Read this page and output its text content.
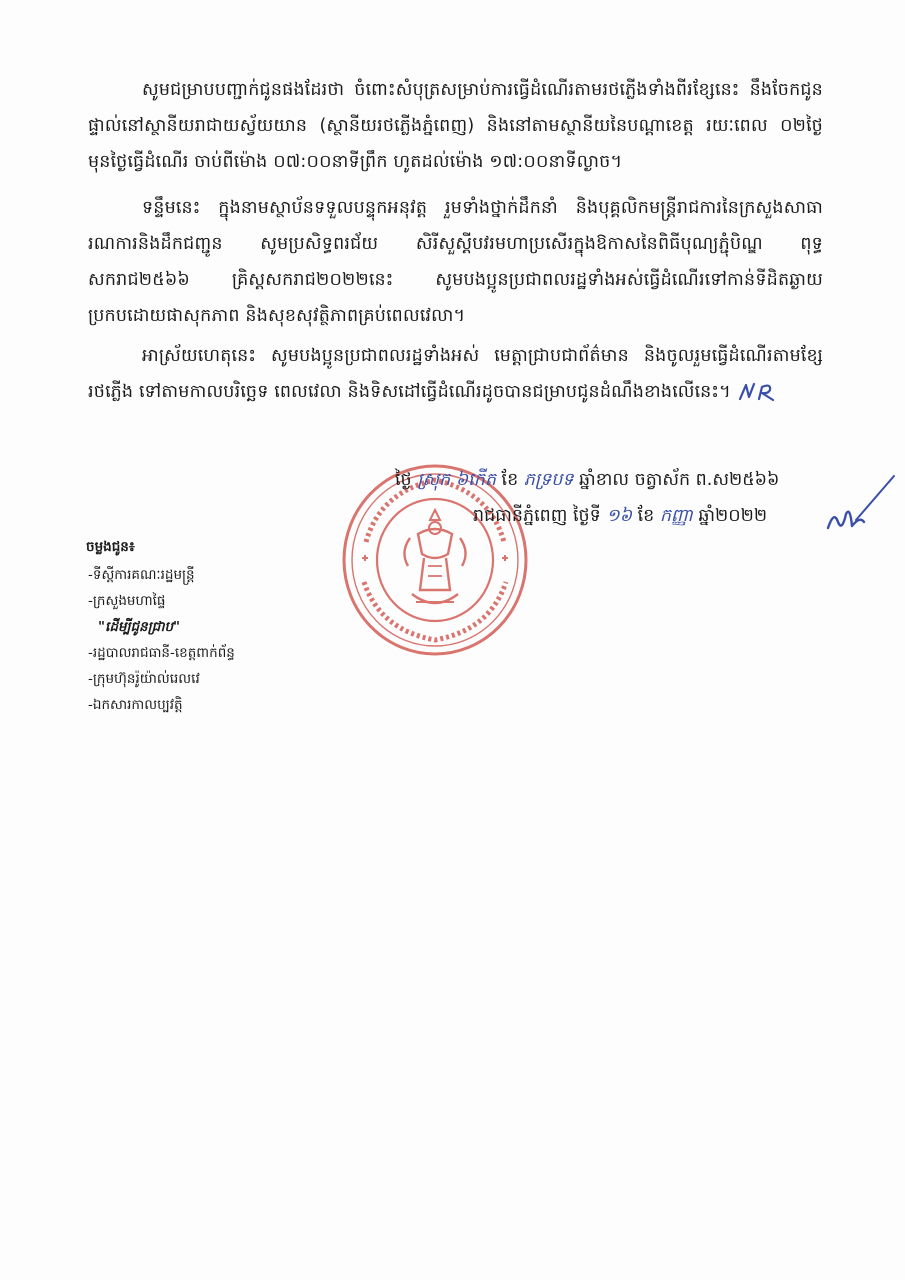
សូមជម្រាបបញ្ជាក់ជូនផងដែរថា ចំពោះសំបុត្រសម្រាប់ការធ្វើដំណើរតាមរថភ្លើងទាំងពីរខ្សែនេះ នឹងចែកជូនផ្ទាល់នៅស្ថានីយរាជាយស្វ័យយាន (ស្ថានីយរថភ្លើងភ្នំពេញ) និងនៅតាមស្ថានីយនៃបណ្តាខេត្ត រយៈពេល ០២ថ្ងៃ មុនថ្ងៃធ្វើដំណើរ ចាប់ពីម៉ោង ០៧:០០នាទីព្រឹក ហូតដល់ម៉ោង ១៧:០០នាទីល្ងាច។
ទន្ទឹមនេះ ក្នុងនាមស្ថាប័នទទួលបន្ទុកអនុវត្ត រួមទាំងថ្នាក់ដឹកនាំ និងបុគ្គលិកមន្ត្រីរាជការនៃក្រសួងសាធារណការនិងដឹកជញ្ជូន សូមប្រសិទ្ធពរជ័យ សិរីសួស្តីបវរមហាប្រសើរក្នុងឱកាសនៃពិធីបុណ្យភ្ជុំបិណ្ឌ ពុទ្ធសករាជ២៥៦៦ គ្រិស្តសករាជ២០២២នេះ សូមបងប្អូនប្រជាពលរដ្ឋទាំងអស់ធ្វើដំណើរទៅកាន់ទីដិតឆ្ងាយប្រកបដោយផាសុកភាព និងសុខសុវត្ថិភាពគ្រប់ពេលវេលា។
អាស្រ័យហេតុនេះ សូមបងប្អូនប្រជាពលរដ្ឋទាំងអស់ មេត្តាជ្រាបជាព័ត៌មាន និងចូលរួមធ្វើដំណើរតាមខ្សែរថភ្លើង ទៅតាមកាលបរិច្ឆេទ ពេលវេលា និងទិសដៅធ្វើដំណើរដូចបានជម្រាបជូនដំណឹងខាងលើនេះ។
ថ្ងៃ ស្រុក ៦កើត ខែ ភទ្របទ ឆ្នាំខាល ចត្វាស័ក ព.ស២៥៦៦
រាជធានីភ្នំពេញ ថ្ងៃទី ១៦ ខែ កញ្ញា ឆ្នាំ២០២២
ចម្លងជូន៖
-ទីស្តីការគណៈរដ្ឋមន្ត្រី
-ក្រសួងមហាផ្ទៃ
"ដើម្បីជូនជ្រាប"
-រដ្ឋបាលរាជធានី-ខេត្តពាក់ព័ន្ធ
-ក្រុមហ៊ុនរ៉ូយ៉ាល់រេលវេ
-ឯកសារកាលប្បវត្តិ
